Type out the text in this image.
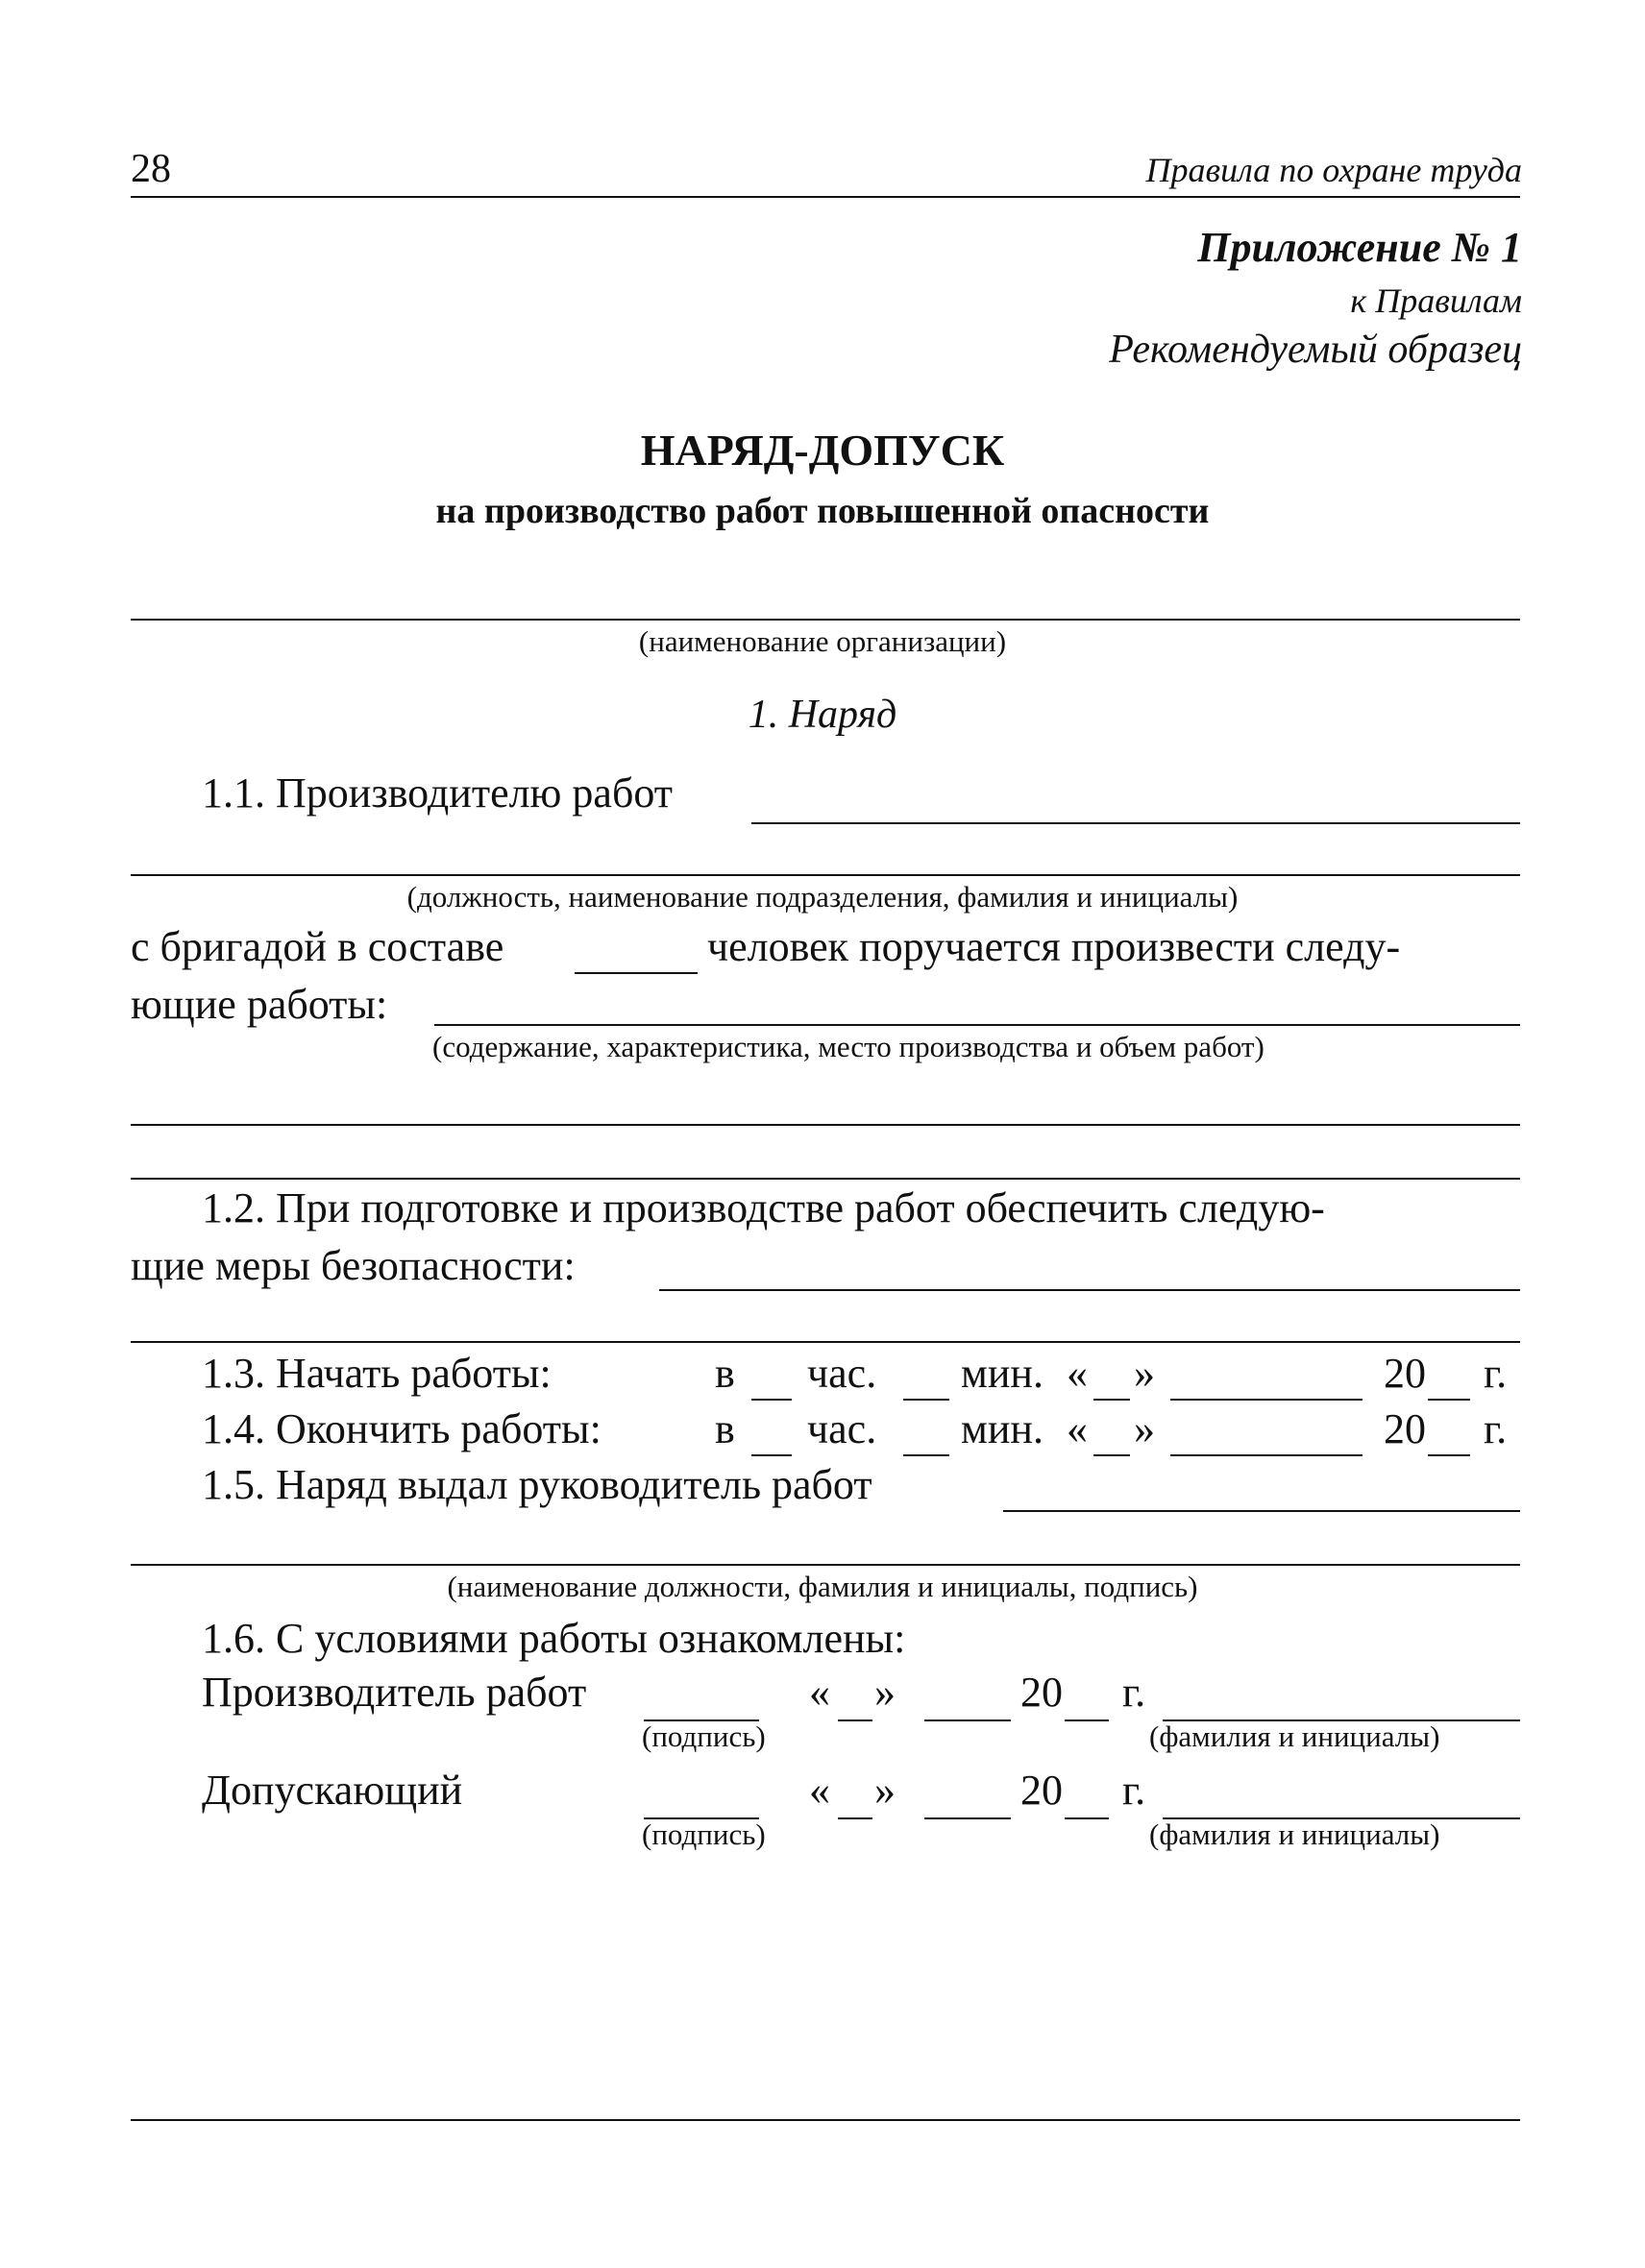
28	Правила по охране труда
Приложение № 1
к Правилам
Рекомендуемый образец
НАРЯД-ДОПУСК
на производство работ повышенной опасности
(наименование организации)
1. Наряд
1.1. Производителю работ
(должность, наименование подразделения, фамилия и инициалы)
с бригадой в составе	человек поручается произвести следу-
ющие работы:
(содержание, характеристика, место производства и объем работ)
1.2. При подготовке и производстве работ обеспечить следую-
щие меры безопасности:
1.3. Начать работы:	в час. мин. « »	20 г.
1.4. Окончить работы:	в час. мин. « »	20 г.
1.5. Наряд выдал руководитель работ
(наименование должности, фамилия и инициалы, подпись)
1.6. С условиями работы ознакомлены:
Производитель работ	« »	20 г.
(подпись)	(фамилия и инициалы)
Допускающий	« »	20 г.
(подпись)	(фамилия и инициалы)
